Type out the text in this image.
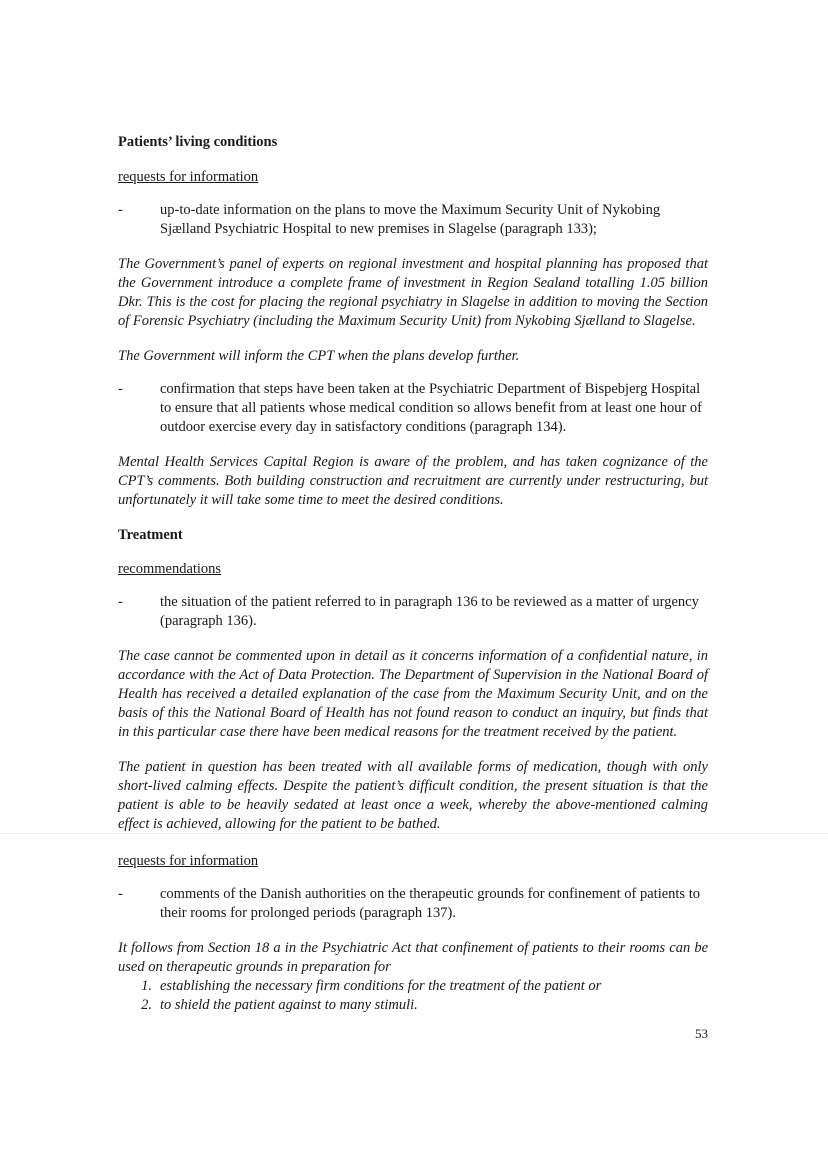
Patients’ living conditions

requests for information

-	up-to-date information on the plans to move the Maximum Security Unit of Nykobing Sjælland Psychiatric Hospital to new premises in Slagelse (paragraph 133);

The Government’s panel of experts on regional investment and hospital planning has proposed that the Government introduce a complete frame of investment in Region Sealand totalling 1.05 billion Dkr. This is the cost for placing the regional psychiatry in Slagelse in addition to moving the Section of Forensic Psychiatry (including the Maximum Security Unit) from Nykobing Sjælland to Slagelse.

The Government will inform the CPT when the plans develop further.

-	confirmation that steps have been taken at the Psychiatric Department of Bispebjerg Hospital to ensure that all patients whose medical condition so allows benefit from at least one hour of outdoor exercise every day in satisfactory conditions (paragraph 134).

Mental Health Services Capital Region is aware of the problem, and has taken cognizance of the CPT’s comments. Both building construction and recruitment are currently under restructuring, but unfortunately it will take some time to meet the desired conditions.

Treatment

recommendations

-	the situation of the patient referred to in paragraph 136 to be reviewed as a matter of urgency (paragraph 136).

The case cannot be commented upon in detail as it concerns information of a confidential nature, in accordance with the Act of Data Protection. The Department of Supervision in the National Board of Health has received a detailed explanation of the case from the Maximum Security Unit, and on the basis of this the National Board of Health has not found reason to conduct an inquiry, but finds that in this particular case there have been medical reasons for the treatment received by the patient.

The patient in question has been treated with all available forms of medication, though with only short-lived calming effects. Despite the patient’s difficult condition, the present situation is that the patient is able to be heavily sedated at least once a week, whereby the above-mentioned calming effect is achieved, allowing for the patient to be bathed.

requests for information

-	comments of the Danish authorities on the therapeutic grounds for confinement of patients to their rooms for prolonged periods (paragraph 137).

It follows from Section 18 a in the Psychiatric Act that confinement of patients to their rooms can be used on therapeutic grounds in preparation for

1. establishing the necessary firm conditions for the treatment of the patient or
2. to shield the patient against to many stimuli.
53
